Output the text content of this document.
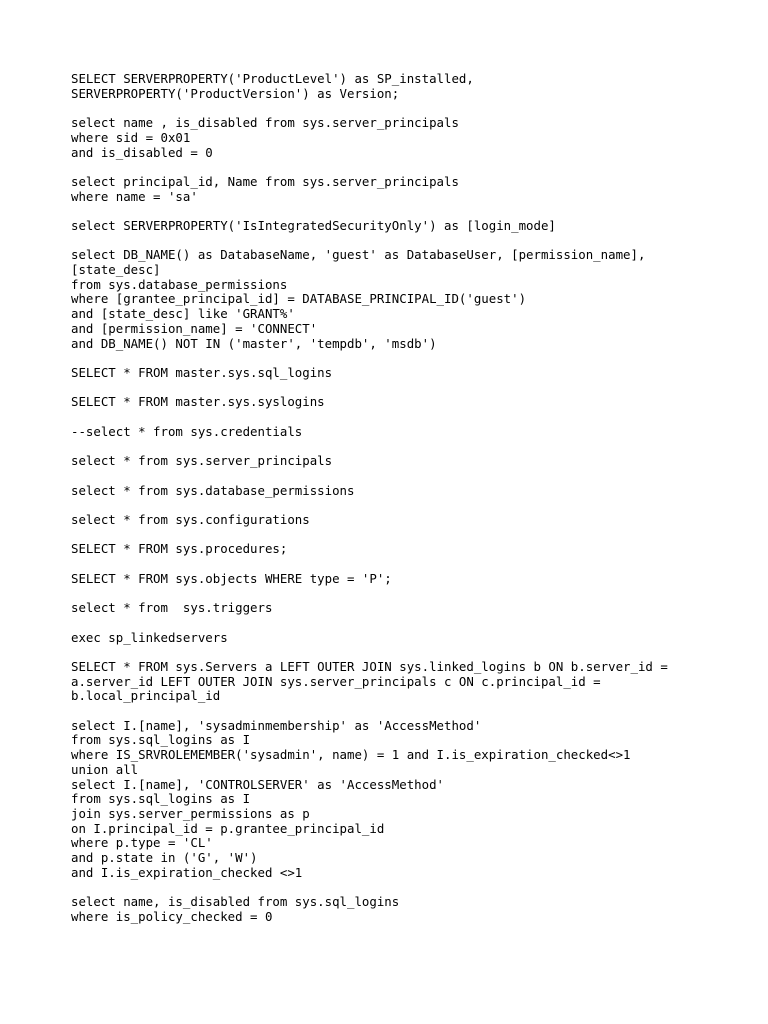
SELECT SERVERPROPERTY('ProductLevel') as SP_installed,
SERVERPROPERTY('ProductVersion') as Version;
select name , is_disabled from sys.server_principals
where sid = 0x01
and is_disabled = 0
select principal_id, Name from sys.server_principals
where name = 'sa'
select SERVERPROPERTY('IsIntegratedSecurityOnly') as [login_mode]
select DB_NAME() as DatabaseName, 'guest' as DatabaseUser, [permission_name],
[state_desc]
from sys.database_permissions
where [grantee_principal_id] = DATABASE_PRINCIPAL_ID('guest')
and [state_desc] like 'GRANT%'
and [permission_name] = 'CONNECT'
and DB_NAME() NOT IN ('master', 'tempdb', 'msdb')
SELECT * FROM master.sys.sql_logins
SELECT * FROM master.sys.syslogins
--select * from sys.credentials
select * from sys.server_principals
select * from sys.database_permissions
select * from sys.configurations
SELECT * FROM sys.procedures;
SELECT * FROM sys.objects WHERE type = 'P';
select * from  sys.triggers
exec sp_linkedservers
SELECT * FROM sys.Servers a LEFT OUTER JOIN sys.linked_logins b ON b.server_id =
a.server_id LEFT OUTER JOIN sys.server_principals c ON c.principal_id =
b.local_principal_id
select I.[name], 'sysadminmembership' as 'AccessMethod'
from sys.sql_logins as I
where IS_SRVROLEMEMBER('sysadmin', name) = 1 and I.is_expiration_checked<>1
union all
select I.[name], 'CONTROLSERVER' as 'AccessMethod'
from sys.sql_logins as I
join sys.server_permissions as p
on I.principal_id = p.grantee_principal_id
where p.type = 'CL'
and p.state in ('G', 'W')
and I.is_expiration_checked <>1
select name, is_disabled from sys.sql_logins
where is_policy_checked = 0
